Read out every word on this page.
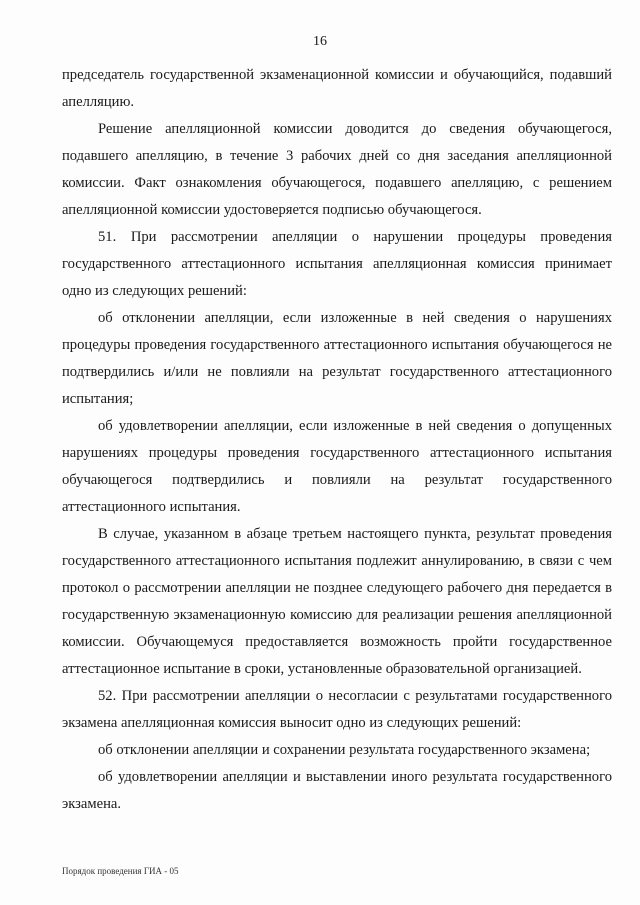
16

председатель государственной экзаменационной комиссии и обучающийся, подавший апелляцию.

Решение апелляционной комиссии доводится до сведения обучающегося, подавшего апелляцию, в течение 3 рабочих дней со дня заседания апелляционной комиссии. Факт ознакомления обучающегося, подавшего апелляцию, с решением апелляционной комиссии удостоверяется подписью обучающегося.

51. При рассмотрении апелляции о нарушении процедуры проведения государственного аттестационного испытания апелляционная комиссия принимает одно из следующих решений:

об отклонении апелляции, если изложенные в ней сведения о нарушениях процедуры проведения государственного аттестационного испытания обучающегося не подтвердились и/или не повлияли на результат государственного аттестационного испытания;

об удовлетворении апелляции, если изложенные в ней сведения о допущенных нарушениях процедуры проведения государственного аттестационного испытания обучающегося подтвердились и повлияли на результат государственного аттестационного испытания.

В случае, указанном в абзаце третьем настоящего пункта, результат проведения государственного аттестационного испытания подлежит аннулированию, в связи с чем протокол о рассмотрении апелляции не позднее следующего рабочего дня передается в государственную экзаменационную комиссию для реализации решения апелляционной комиссии. Обучающемуся предоставляется возможность пройти государственное аттестационное испытание в сроки, установленные образовательной организацией.

52. При рассмотрении апелляции о несогласии с результатами государственного экзамена апелляционная комиссия выносит одно из следующих решений:

об отклонении апелляции и сохранении результата государственного экзамена;

об удовлетворении апелляции и выставлении иного результата государственного экзамена.

Порядок проведения ГИА - 05
